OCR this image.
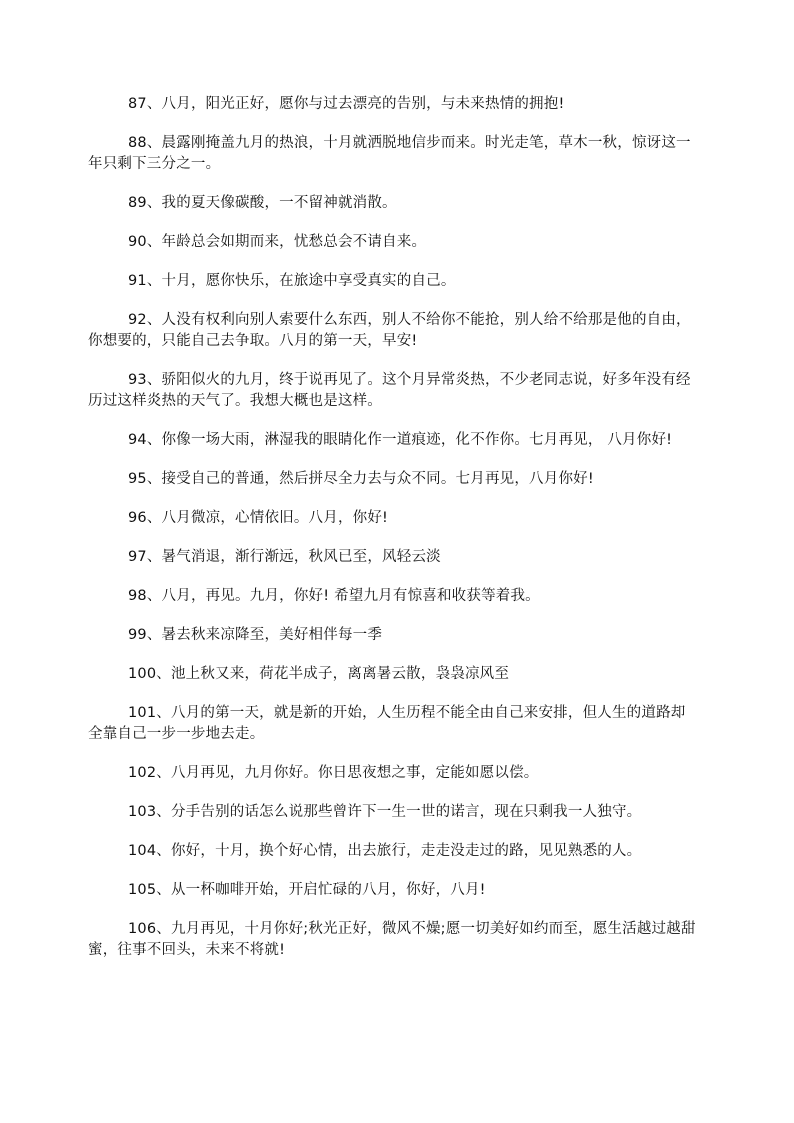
87、八月，阳光正好，愿你与过去漂亮的告别，与未来热情的拥抱!

88、晨露刚掩盖九月的热浪，十月就洒脱地信步而来。时光走笔，草木一秋，惊讶这一年只剩下三分之一。

89、我的夏天像碳酸，一不留神就消散。

90、年龄总会如期而来，忧愁总会不请自来。

91、十月，愿你快乐，在旅途中享受真实的自己。

92、人没有权利向别人索要什么东西，别人不给你不能抢，别人给不给那是他的自由，你想要的，只能自己去争取。八月的第一天，早安!

93、骄阳似火的九月，终于说再见了。这个月异常炎热，不少老同志说，好多年没有经历过这样炎热的天气了。我想大概也是这样。

94、你像一场大雨，淋湿我的眼睛化作一道痕迹，化不作你。七月再见， 八月你好!

95、接受自己的普通，然后拼尽全力去与众不同。七月再见，八月你好!

96、八月微凉，心情依旧。八月，你好!

97、暑气消退，渐行渐远，秋风已至，风轻云淡

98、八月，再见。九月，你好! 希望九月有惊喜和收获等着我。

99、暑去秋来凉降至，美好相伴每一季

100、池上秋又来，荷花半成子，离离暑云散，袅袅凉风至

101、八月的第一天，就是新的开始，人生历程不能全由自己来安排，但人生的道路却全靠自己一步一步地去走。

102、八月再见，九月你好。你日思夜想之事，定能如愿以偿。

103、分手告别的话怎么说那些曾许下一生一世的诺言，现在只剩我一人独守。

104、你好，十月，换个好心情，出去旅行，走走没走过的路，见见熟悉的人。

105、从一杯咖啡开始，开启忙碌的八月，你好，八月!

106、九月再见，十月你好;秋光正好，微风不燥;愿一切美好如约而至，愿生活越过越甜蜜，往事不回头，未来不将就!
